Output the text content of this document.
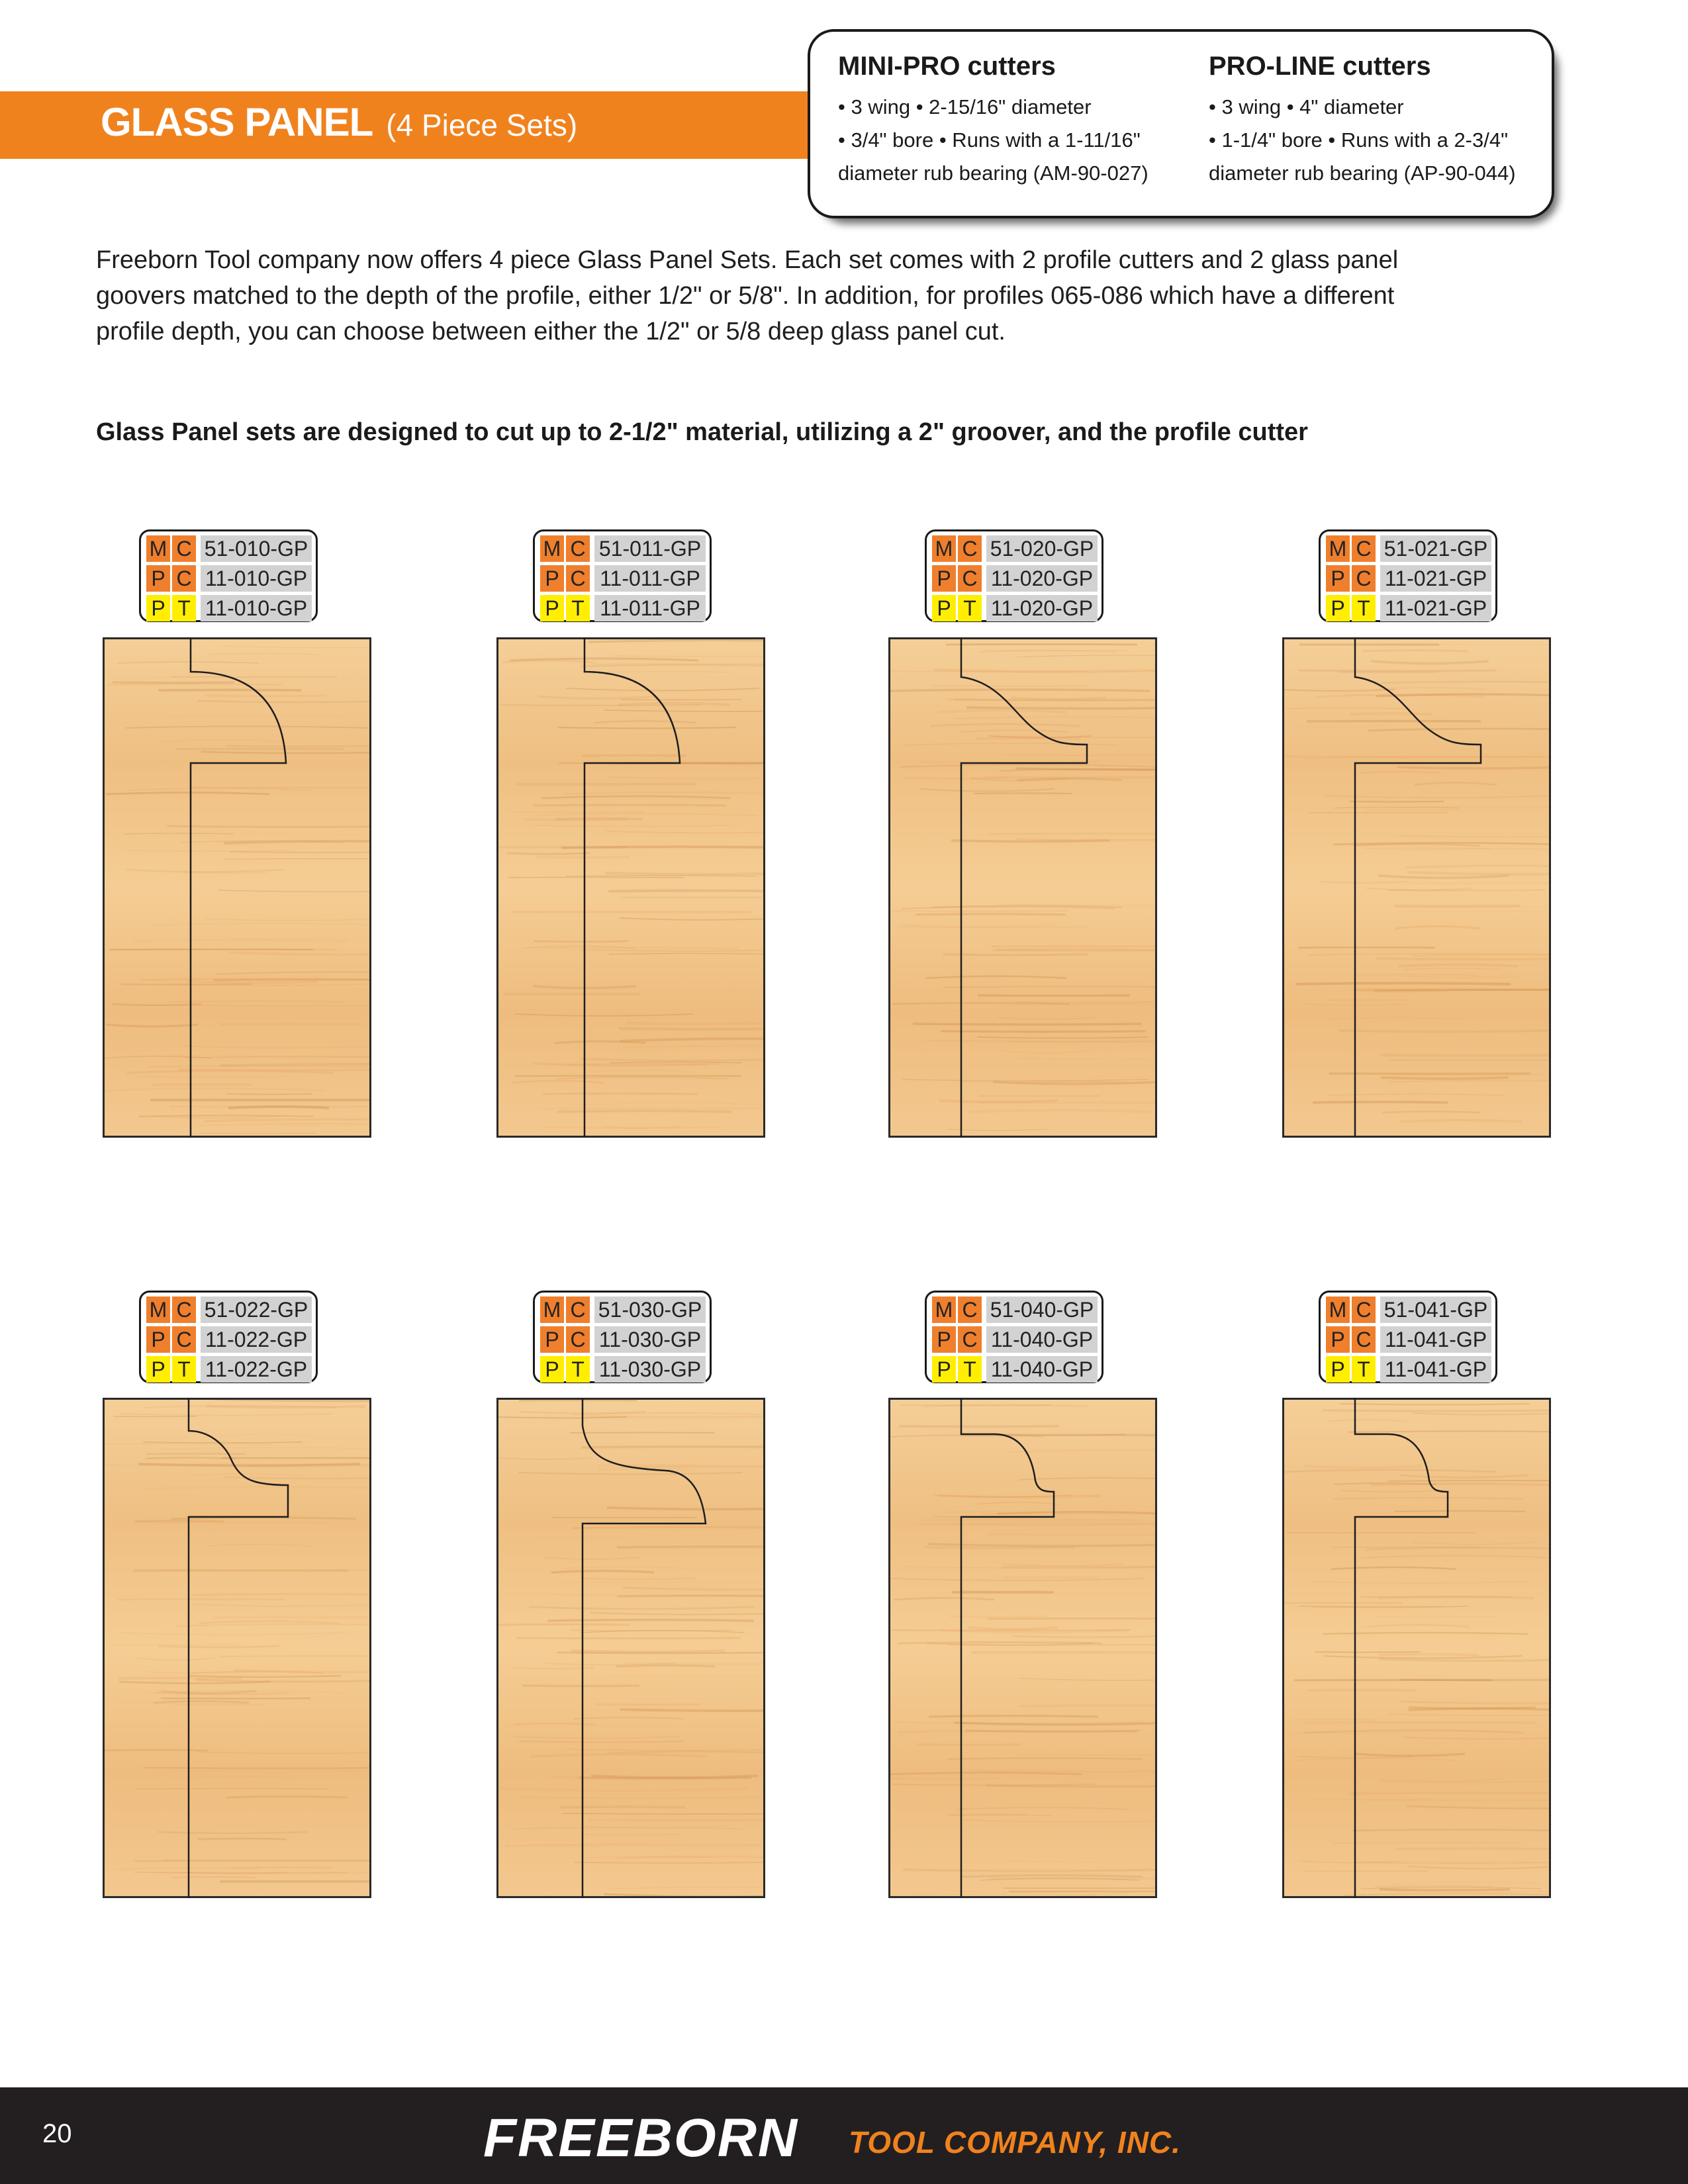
GLASS PANEL (4 Piece Sets)
MINI-PRO cutters
• 3 wing • 2-15/16" diameter
• 3/4" bore • Runs with a 1-11/16"
diameter rub bearing (AM-90-027)
PRO-LINE cutters
• 3 wing • 4" diameter
• 1-1/4" bore • Runs with a 2-3/4"
diameter rub bearing (AP-90-044)
Freeborn Tool company now offers 4 piece Glass Panel Sets. Each set comes with 2 profile cutters and 2 glass panel
goovers matched to the depth of the profile, either 1/2" or 5/8". In addition, for profiles 065-086 which have a different
profile depth, you can choose between either the 1/2" or 5/8 deep glass panel cut.
Glass Panel sets are designed to cut up to 2-1/2" material, utilizing a 2" groover, and the profile cutter
M C 51-010-GP
P C 11-010-GP
P T 11-010-GP
M C 51-011-GP
P C 11-011-GP
P T 11-011-GP
M C 51-020-GP
P C 11-020-GP
P T 11-020-GP
M C 51-021-GP
P C 11-021-GP
P T 11-021-GP
M C 51-022-GP
P C 11-022-GP
P T 11-022-GP
M C 51-030-GP
P C 11-030-GP
P T 11-030-GP
M C 51-040-GP
P C 11-040-GP
P T 11-040-GP
M C 51-041-GP
P C 11-041-GP
P T 11-041-GP
20	FREEBORN TOOL COMPANY, INC.
